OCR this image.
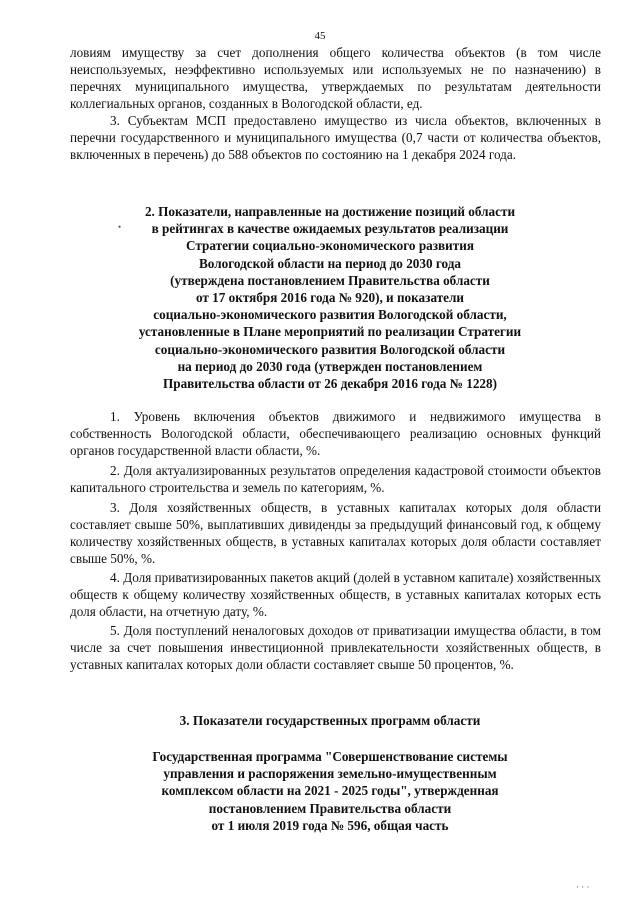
45

ловиям имуществу за счет дополнения общего количества объектов (в том числе неиспользуемых, неэффективно используемых или используемых не по назначению) в перечнях муниципального имущества, утверждаемых по результатам деятельности коллегиальных органов, созданных в Вологодской области, ед.

3. Субъектам МСП предоставлено имуществo из числа объектов, включенных в перечни государственного и муниципального имущества (0,7 части от количества объектов, включенных в перечень) до 588 объектов по состоянию на 1 декабря 2024 года.

2. Показатели, направленные на достижение позиций области
в рейтингах в качестве ожидаемых результатов реализации
Стратегии социально-экономического развития
Вологодской области на период до 2030 года
(утверждена постановлением Правительства области
от 17 октября 2016 года № 920), и показатели
социально-экономического развития Вологодской области,
установленные в Плане мероприятий по реализации Стратегии
социально-экономического развития Вологодской области
на период до 2030 года (утвержден постановлением
Правительства области от 26 декабря 2016 года № 1228)

1. Уровень включения объектов движимого и недвижимого имущества в собственность Вологодской области, обеспечивающего реализацию основных функций органов государственной власти области, %.

2. Доля актуализированных результатов определения кадастровой стоимости объектов капитального строительства и земель по категориям, %.

3. Доля хозяйственных обществ, в уставных капиталах которых доля области составляет свыше 50%, выплативших дивиденды за предыдущий финансовый год, к общему количеству хозяйственных обществ, в уставных капиталах которых доля области составляет свыше 50%, %.

4. Доля приватизированных пакетов акций (долей в уставном капитале) хозяйственных обществ к общему количеству хозяйственных обществ, в уставных капиталах которых есть доля области, на отчетную дату, %.

5. Доля поступлений неналоговых доходов от приватизации имущества области, в том числе за счет повышения инвестиционной привлекательности хозяйственных обществ, в уставных капиталах которых доли области составляет свыше 50 процентов, %.

3. Показатели государственных программ области
Государственная программа "Совершенствование системы
управления и распоряжения земельно-имущественным
комплексом области на 2021 - 2025 годы", утвержденная
постановлением Правительства области
от 1 июля 2019 года № 596, общая часть
•
· · ·
